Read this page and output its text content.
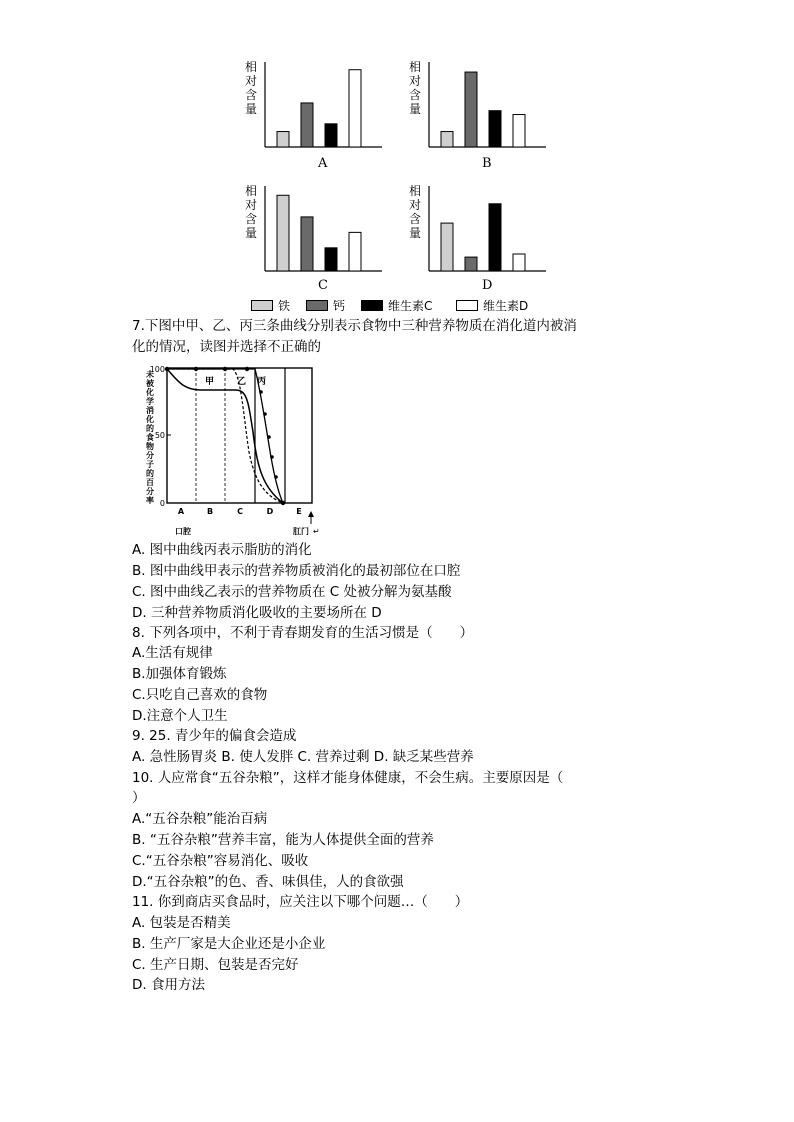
相
对
含
量
A
相
对
含
量
B
相
对
含
量
C
相
对
含
量
D
铁	钙	维生素C	维生素D
7.下图中甲、乙、丙三条曲线分别表示食物中三种营养物质在消化道内被消
化的情况，读图并选择不正确的
100
50
0
甲	乙 丙
A	B	C	D	E
口腔	肛门 ↵
未被化学消化的食物分子的百分率
A. 图中曲线丙表示脂肪的消化
B. 图中曲线甲表示的营养物质被消化的最初部位在口腔
C. 图中曲线乙表示的营养物质在 C 处被分解为氨基酸
D. 三种营养物质消化吸收的主要场所在 D
8. 下列各项中，不利于青春期发育的生活习惯是（　　）
A.生活有规律
B.加强体育锻炼
C.只吃自己喜欢的食物
D.注意个人卫生
9. 25. 青少年的偏食会造成
A. 急性肠胃炎 B. 使人发胖 C. 营养过剩 D. 缺乏某些营养
10. 人应常食“五谷杂粮”，这样才能身体健康，不会生病。主要原因是（
）
A.“五谷杂粮”能治百病
B. “五谷杂粮”营养丰富，能为人体提供全面的营养
C.“五谷杂粮”容易消化、吸收
D.“五谷杂粮”的色、香、味俱佳，人的食欲强
11. 你到商店买食品时，应关注以下哪个问题…（　　）
A. 包装是否精美
B. 生产厂家是大企业还是小企业
C. 生产日期、包装是否完好
D. 食用方法
